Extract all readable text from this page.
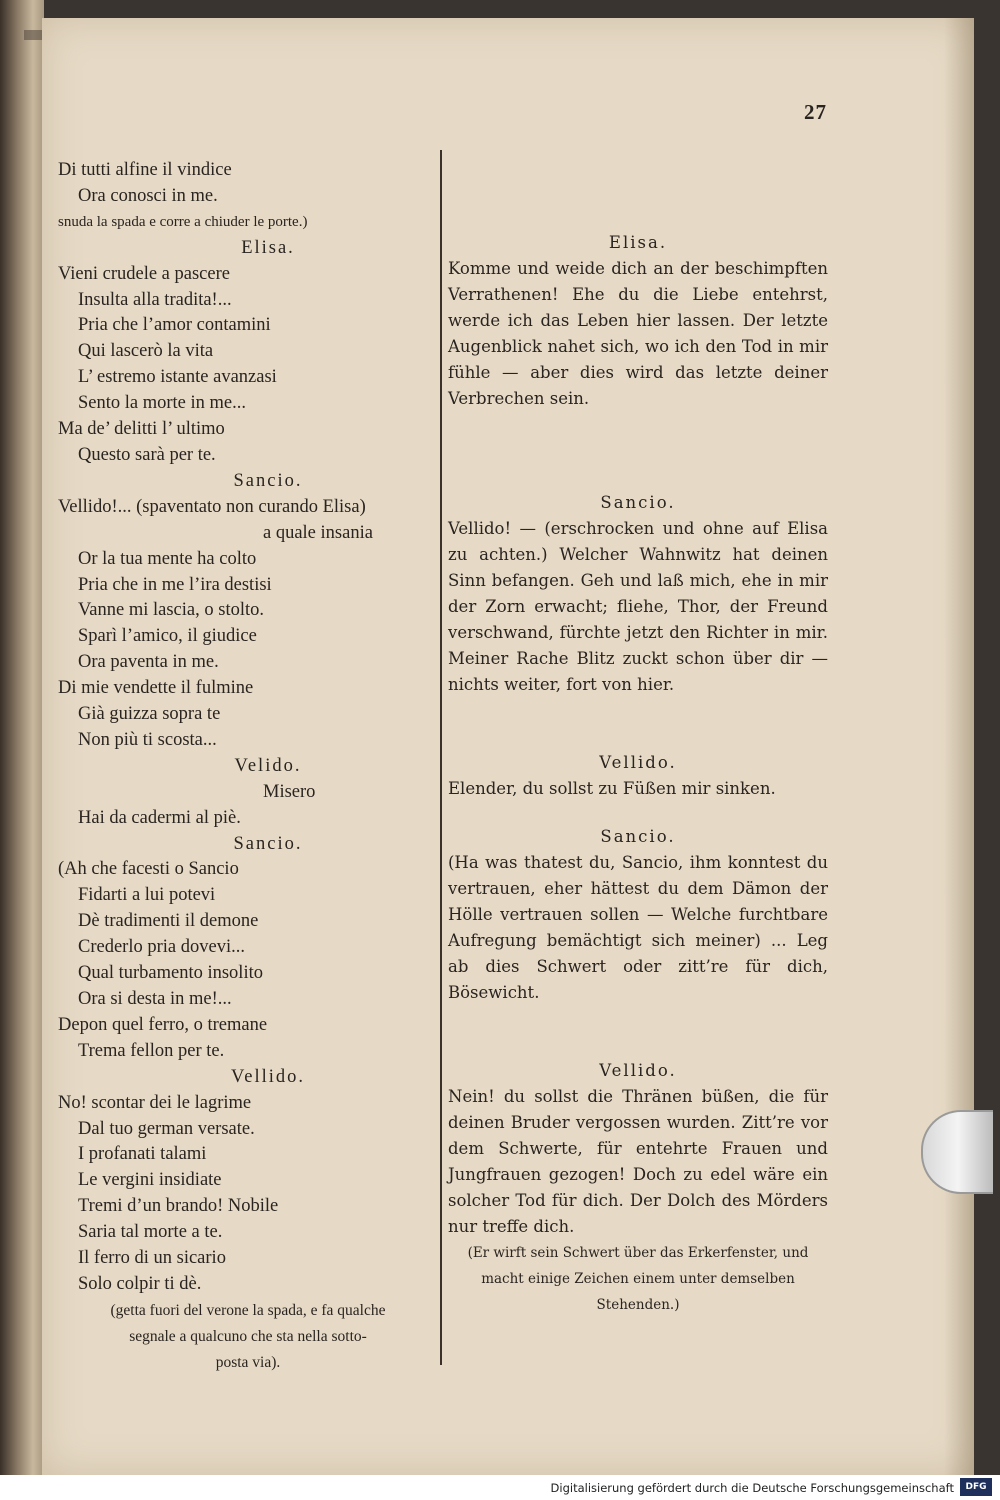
27
Di tutti alfine il vindice
Ora conosci in me.
snuda la spada e corre a chiuder le porte.)
Elisa.
Vieni crudele a pascere
Insulta alla tradita!...
Pria che l’amor contamini
Qui lascerò la vita
L’ estremo istante avanzasi
Sento la morte in me...
Ma de’ delitti l’ ultimo
Questo sarà per te.
Sancio.
Vellido!... (spaventato non curando Elisa)
a quale insania
Or la tua mente ha colto
Pria che in me l’ira destisi
Vanne mi lascia, o stolto.
Sparì l’amico, il giudice
Ora paventa in me.
Di mie vendette il fulmine
Già guizza sopra te
Non più ti scosta...
Velido.
Misero
Hai da cadermi al piè.
Sancio.
(Ah che facesti o Sancio
Fidarti a lui potevi
Dè tradimenti il demone
Crederlo pria dovevi...
Qual turbamento insolito
Ora si desta in me!...
Depon quel ferro, o tremane
Trema fellon per te.
Vellido.
No! scontar dei le lagrime
Dal tuo german versate.
I profanati talami
Le vergini insidiate
Tremi d’un brando! Nobile
Saria tal morte a te.
Il ferro di un sicario
Solo colpir ti dè.
(getta fuori del verone la spada, e fa qualche
segnale a qualcuno che sta nella sotto-
posta via).
Elisa.
Komme und weide dich an der beschimpften Verrathenen! Ehe du die Liebe entehrst, werde ich das Leben hier lassen. Der letzte Augenblick nahet sich, wo ich den Tod in mir fühle — aber dies wird das letzte deiner Verbrechen sein.
Sancio.
Vellido! — (erschrocken und ohne auf Elisa zu achten.) Welcher Wahnwitz hat deinen Sinn befangen. Geh und laß mich, ehe in mir der Zorn erwacht; fliehe, Thor, der Freund verschwand, fürchte jetzt den Richter in mir. Meiner Rache Blitz zuckt schon über dir — nichts weiter, fort von hier.
Vellido.
Elender, du sollst zu Füßen mir sinken.
Sancio.
(Ha was thatest du, Sancio, ihm konntest du vertrauen, eher hättest du dem Dämon der Hölle vertrauen sollen — Welche furchtbare Aufregung bemächtigt sich meiner) ... Leg ab dies Schwert oder zitt’re für dich, Bösewicht.
Vellido.
Nein! du sollst die Thränen büßen, die für deinen Bruder vergossen wurden. Zitt’re vor dem Schwerte, für entehrte Frauen und Jungfrauen gezogen! Doch zu edel wäre ein solcher Tod für dich. Der Dolch des Mörders nur treffe dich.
(Er wirft sein Schwert über das Erkerfenster, und macht einige Zeichen einem unter demselben Stehenden.)
Digitalisierung gefördert durch die Deutsche Forschungsgemeinschaft	DFG
